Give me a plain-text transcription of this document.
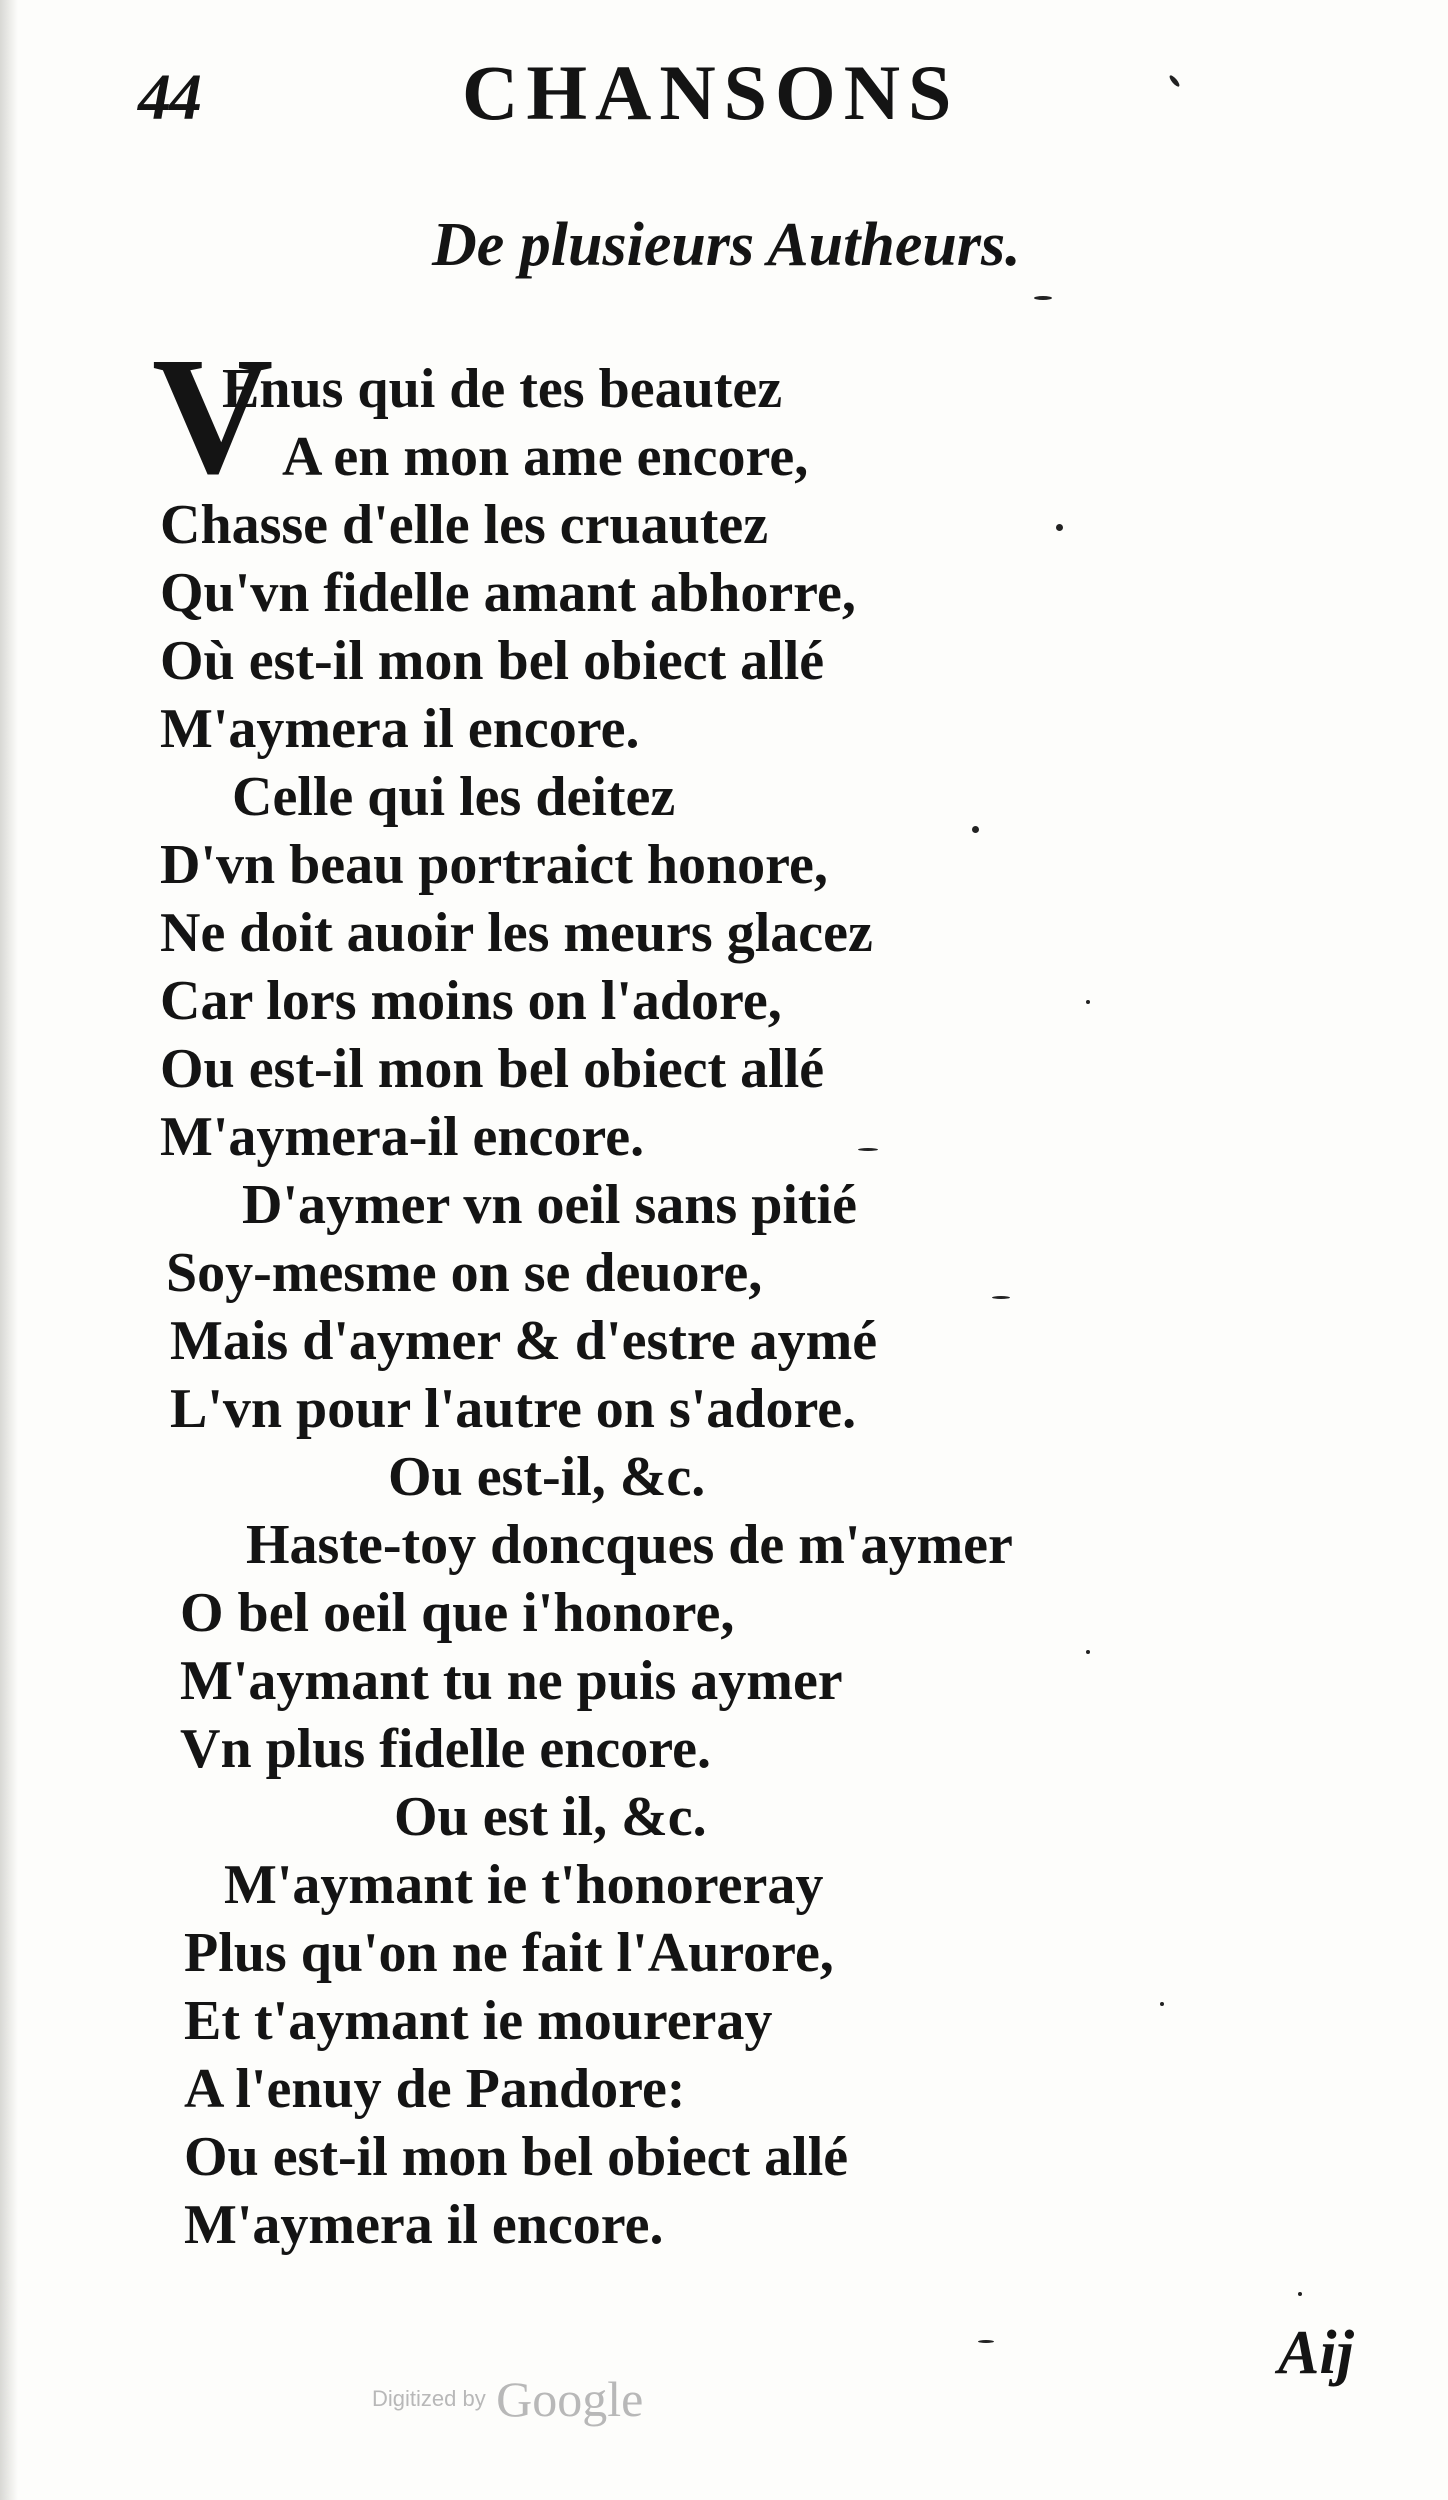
44	CHANSONS
De plusieurs Autheurs.
V
Enus qui de tes beautez
A en mon ame encore,
Chasse d'elle les cruautez
Qu'vn fidelle amant abhorre,
Où est-il mon bel obiect allé
M'aymera il encore.
Celle qui les deitez
D'vn beau portraict honore,
Ne doit auoir les meurs glacez
Car lors moins on l'adore,
Ou est-il mon bel obiect allé
M'aymera-il encore.
D'aymer vn oeil sans pitié
Soy-mesme on se deuore,
Mais d'aymer & d'estre aymé
L'vn pour l'autre on s'adore.
Ou est-il, &c.
Haste-toy doncques de m'aymer
O bel oeil que i'honore,
M'aymant tu ne puis aymer
Vn plus fidelle encore.
Ou est il, &c.
M'aymant ie t'honoreray
Plus qu'on ne fait l'Aurore,
Et t'aymant ie moureray
A l'enuy de Pandore:
Ou est-il mon bel obiect allé
M'aymera il encore.
Aij
Digitized by Google
